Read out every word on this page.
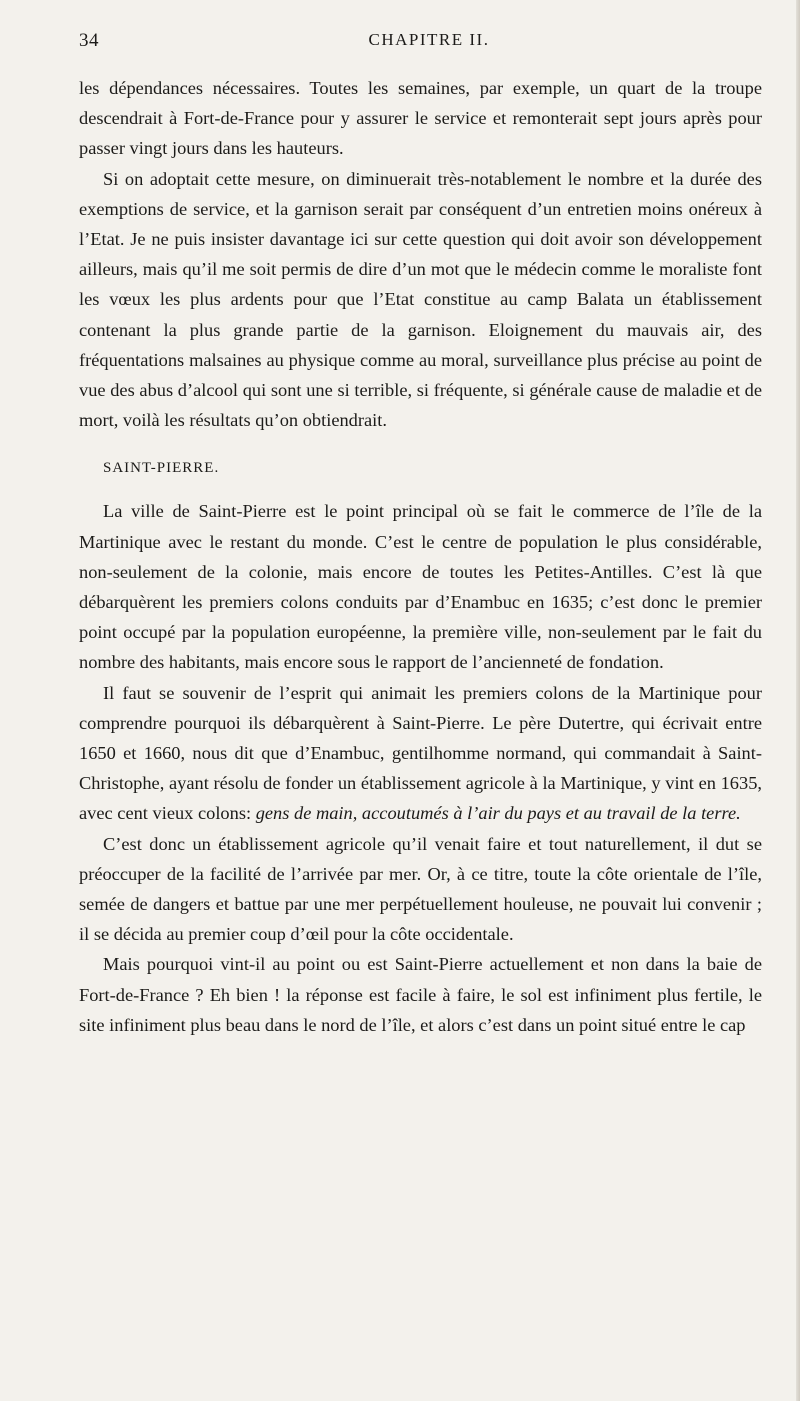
34	CHAPITRE II.

les dépendances nécessaires. Toutes les semaines, par exemple, un quart de la troupe descendrait à Fort-de-France pour y assurer le service et remonterait sept jours après pour passer vingt jours dans les hauteurs.

Si on adoptait cette mesure, on diminuerait très-notablement le nombre et la durée des exemptions de service, et la garnison serait par conséquent d’un entretien moins onéreux à l’Etat. Je ne puis insister davantage ici sur cette question qui doit avoir son développement ailleurs, mais qu’il me soit permis de dire d’un mot que le médecin comme le moraliste font les vœux les plus ardents pour que l’Etat constitue au camp Balata un établissement contenant la plus grande partie de la garnison. Eloignement du mauvais air, des fréquentations malsaines au physique comme au moral, surveillance plus précise au point de vue des abus d’alcool qui sont une si terrible, si fréquente, si générale cause de maladie et de mort, voilà les résultats qu’on obtiendrait.

SAINT-PIERRE.

La ville de Saint-Pierre est le point principal où se fait le commerce de l’île de la Martinique avec le restant du monde. C’est le centre de population le plus considérable, non-seulement de la colonie, mais encore de toutes les Petites-Antilles. C’est là que débarquèrent les premiers colons conduits par d’Enambuc en 1635; c’est donc le premier point occupé par la population européenne, la première ville, non-seulement par le fait du nombre des habitants, mais encore sous le rapport de l’ancienneté de fondation.

Il faut se souvenir de l’esprit qui animait les premiers colons de la Martinique pour comprendre pourquoi ils débarquèrent à Saint-Pierre. Le père Dutertre, qui écrivait entre 1650 et 1660, nous dit que d’Enambuc, gentilhomme normand, qui commandait à Saint-Christophe, ayant résolu de fonder un établissement agricole à la Martinique, y vint en 1635, avec cent vieux colons: gens de main, accoutumés à l’air du pays et au travail de la terre.

C’est donc un établissement agricole qu’il venait faire et tout naturellement, il dut se préoccuper de la facilité de l’arrivée par mer. Or, à ce titre, toute la côte orientale de l’île, semée de dangers et battue par une mer perpétuellement houleuse, ne pouvait lui convenir ; il se décida au premier coup d’œil pour la côte occidentale.

Mais pourquoi vint-il au point ou est Saint-Pierre actuellement et non dans la baie de Fort-de-France ? Eh bien ! la réponse est facile à faire, le sol est infiniment plus fertile, le site infiniment plus beau dans le nord de l’île, et alors c’est dans un point situé entre le cap
